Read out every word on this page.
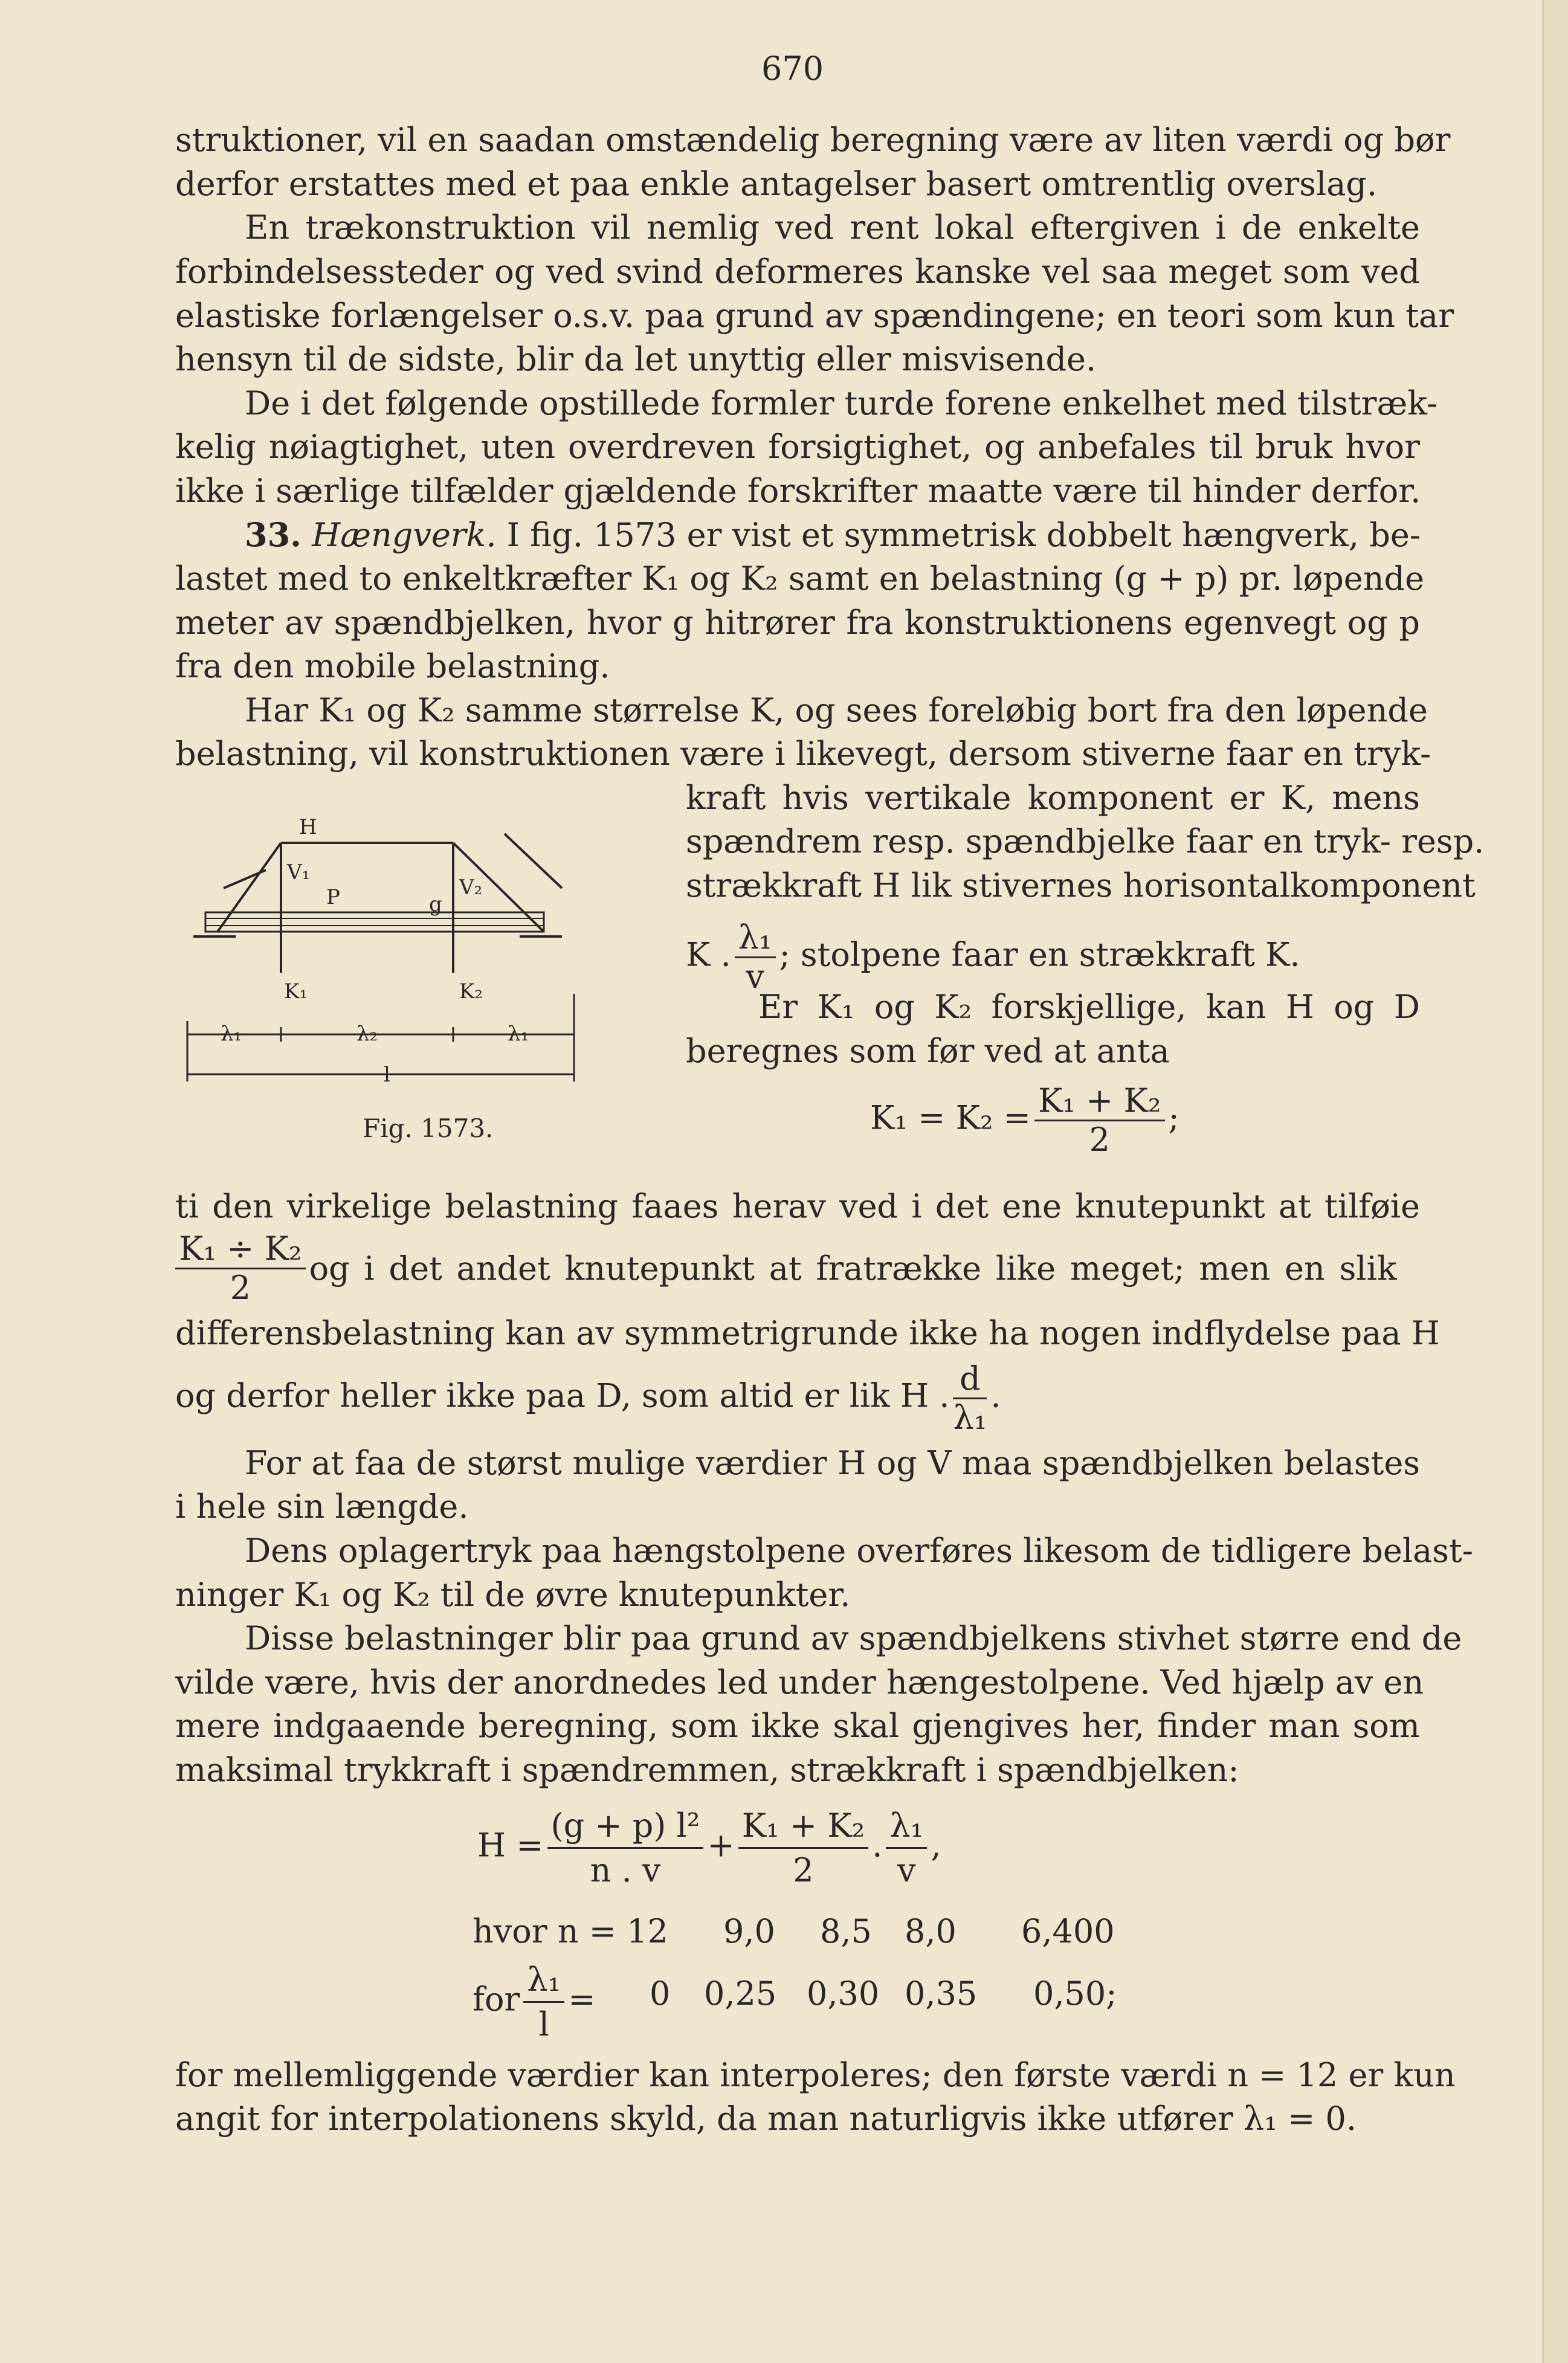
670
struktioner, vil en saadan omstændelig beregning være av liten værdi og bør
derfor erstattes med et paa enkle antagelser basert omtrentlig overslag.
En trækonstruktion vil nemlig ved rent lokal eftergiven i de enkelte
forbindelsessteder og ved svind deformeres kanske vel saa meget som ved
elastiske forlængelser o.s.v. paa grund av spændingene; en teori som kun tar
hensyn til de sidste, blir da let unyttig eller misvisende.
De i det følgende opstillede formler turde forene enkelhet med tilstræk-
kelig nøiagtighet, uten overdreven forsigtighet, og anbefales til bruk hvor
ikke i særlige tilfælder gjældende forskrifter maatte være til hinder derfor.
33. Hængverk. I fig. 1573 er vist et symmetrisk dobbelt hængverk, be-
lastet med to enkeltkræfter K₁ og K₂ samt en belastning (g + p) pr. løpende
meter av spændbjelken, hvor g hitrører fra konstruktionens egenvegt og p
fra den mobile belastning.
Har K₁ og K₂ samme størrelse K, og sees foreløbig bort fra den løpende
belastning, vil konstruktionen være i likevegt, dersom stiverne faar en tryk-
kraft hvis vertikale komponent er K, mens
spændrem resp. spændbjelke faar en tryk- resp.
strækkraft H lik stivernes horisontalkomponent
K . $\frac{\text{λ₁}}{v}$ ; stolpene faar en strækkraft K.
Er K₁ og K₂ forskjellige, kan H og D
beregnes som før ved at anta
$K_1 = K_2 = \frac{\text{K₁ + K₂}}{2}$ ;
H
V₁
V₂
P	g
K₁	K₂
λ₁	λ₂	λ₁
l
Fig. 1573.
ti den virkelige belastning faaes herav ved i det ene knutepunkt at tilføie
$\frac{\text{K₁ ÷ K₂}}{2}$ og i det andet knutepunkt at fratrække like meget; men en slik
differensbelastning kan av symmetrigrunde ikke ha nogen indflydelse paa H
og derfor heller ikke paa D, som altid er lik H . $\frac{d}{\text{λ₁}}$ .
For at faa de størst mulige værdier H og V maa spændbjelken belastes
i hele sin længde.
Dens oplagertryk paa hængstolpene overføres likesom de tidligere belast-
ninger K₁ og K₂ til de øvre knutepunkter.
Disse belastninger blir paa grund av spændbjelkens stivhet større end de
vilde være, hvis der anordnedes led under hængestolpene. Ved hjælp av en
mere indgaaende beregning, som ikke skal gjengives her, finder man som
maksimal trykkraft i spændremmen, strækkraft i spændbjelken:
$H = \frac{\text{(g + p) l²}}{n . v} + \frac{\text{K₁ + K₂}}{2}$ . $\frac{\text{λ₁}}{v}$ ,
hvor n = 12 9,0 8,5 8,0 6,400
for $\frac{\text{λ₁}}{l} = 0$ 0,25 0,30 0,35 0,50;
for mellemliggende værdier kan interpoleres; den første værdi n = 12 er kun
angit for interpolationens skyld, da man naturligvis ikke utfører λ₁ = 0.
